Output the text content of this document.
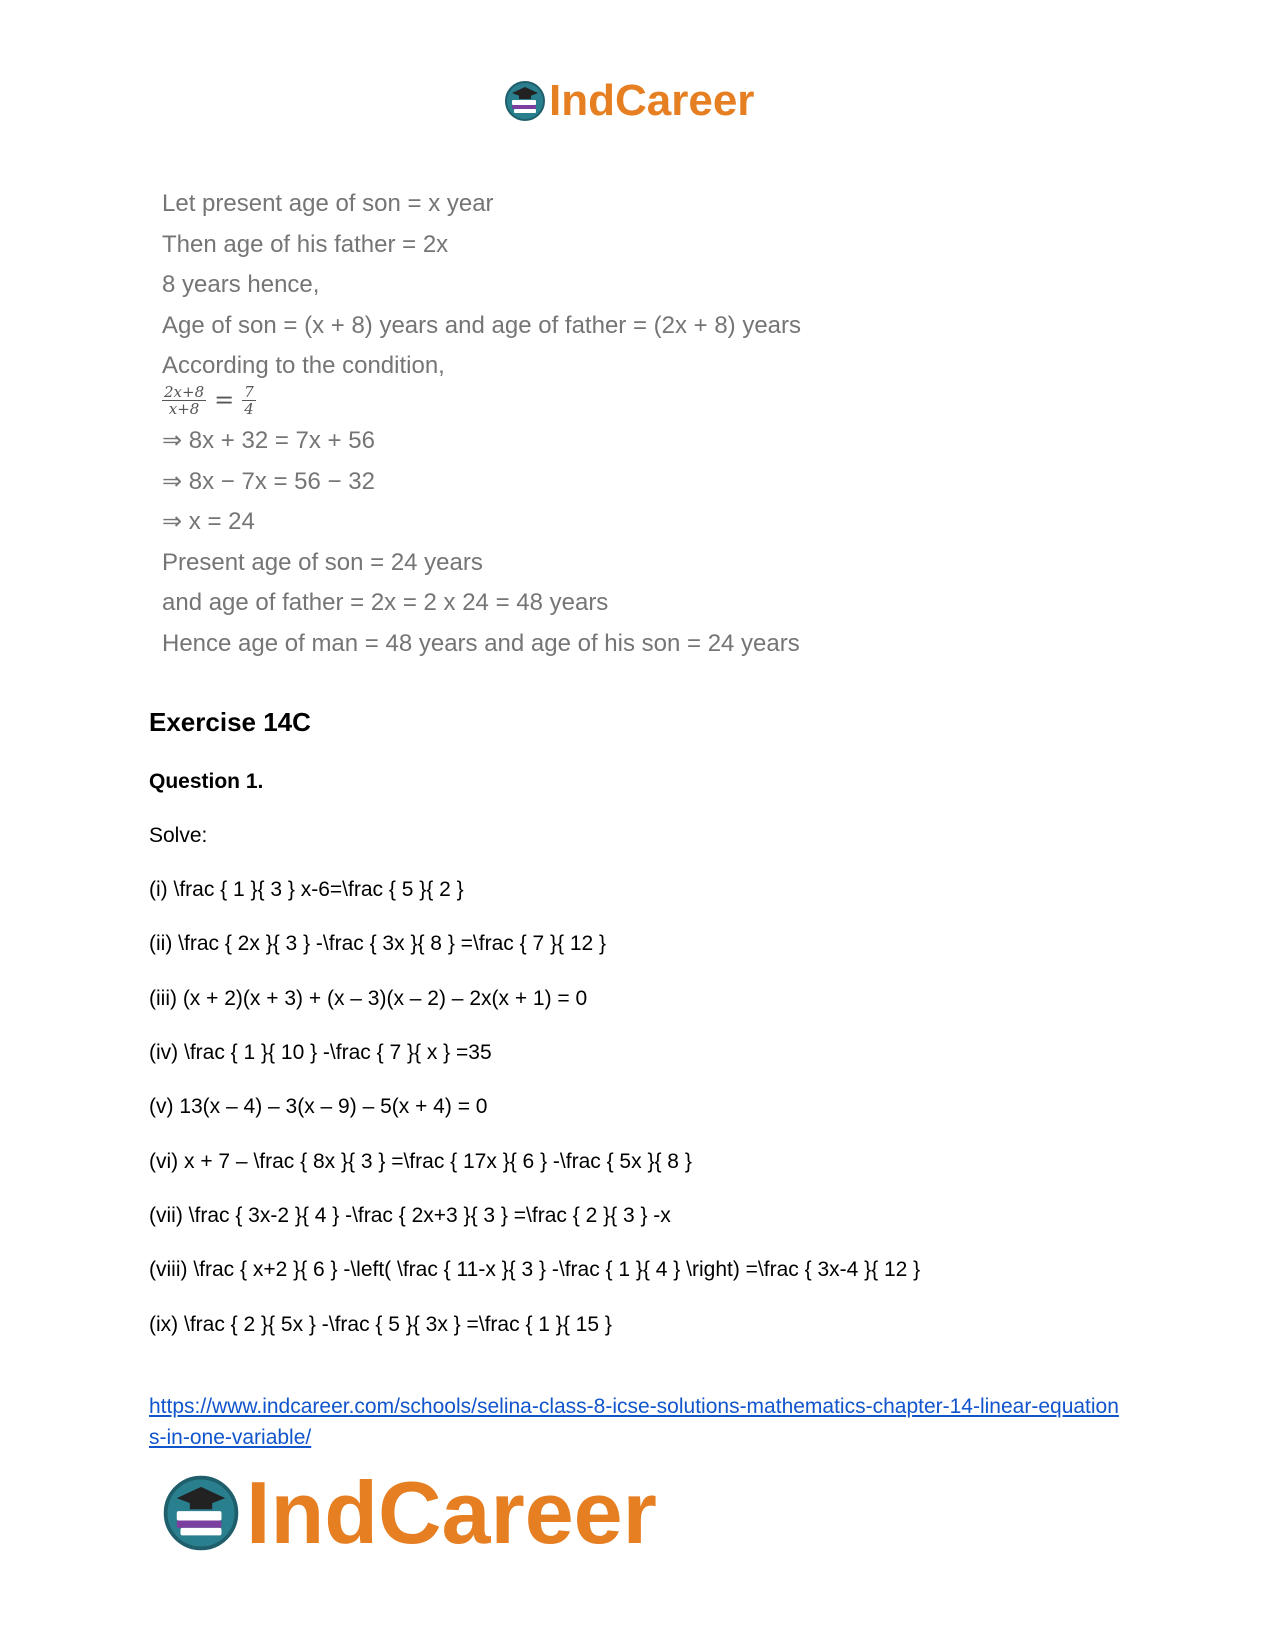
IndCareer
Let present age of son = x year
Then age of his father = 2x
8 years hence,
Age of son = (x + 8) years and age of father = (2x + 8) years
According to the condition,
$\frac{2x+8}{x+8} = \frac{7}{4}$
⇒ 8x + 32 = 7x + 56
⇒ 8x − 7x = 56 − 32
⇒ x = 24
Present age of son = 24 years
and age of father = 2x = 2 x 24 = 48 years
Hence age of man = 48 years and age of his son = 24 years
Exercise 14C
Question 1.
Solve:
(i) \frac { 1 }{ 3 } x-6=\frac { 5 }{ 2 }
(ii) \frac { 2x }{ 3 } -\frac { 3x }{ 8 } =\frac { 7 }{ 12 }
(iii) (x + 2)(x + 3) + (x – 3)(x – 2) – 2x(x + 1) = 0
(iv) \frac { 1 }{ 10 } -\frac { 7 }{ x } =35
(v) 13(x – 4) – 3(x – 9) – 5(x + 4) = 0
(vi) x + 7 – \frac { 8x }{ 3 } =\frac { 17x }{ 6 } -\frac { 5x }{ 8 }
(vii) \frac { 3x-2 }{ 4 } -\frac { 2x+3 }{ 3 } =\frac { 2 }{ 3 } -x
(viii) \frac { x+2 }{ 6 } -\left( \frac { 11-x }{ 3 } -\frac { 1 }{ 4 } \right) =\frac { 3x-4 }{ 12 }
(ix) \frac { 2 }{ 5x } -\frac { 5 }{ 3x } =\frac { 1 }{ 15 }
https://www.indcareer.com/schools/selina-class-8-icse-solutions-mathematics-chapter-14-linear-equations-in-one-variable/
IndCareer
